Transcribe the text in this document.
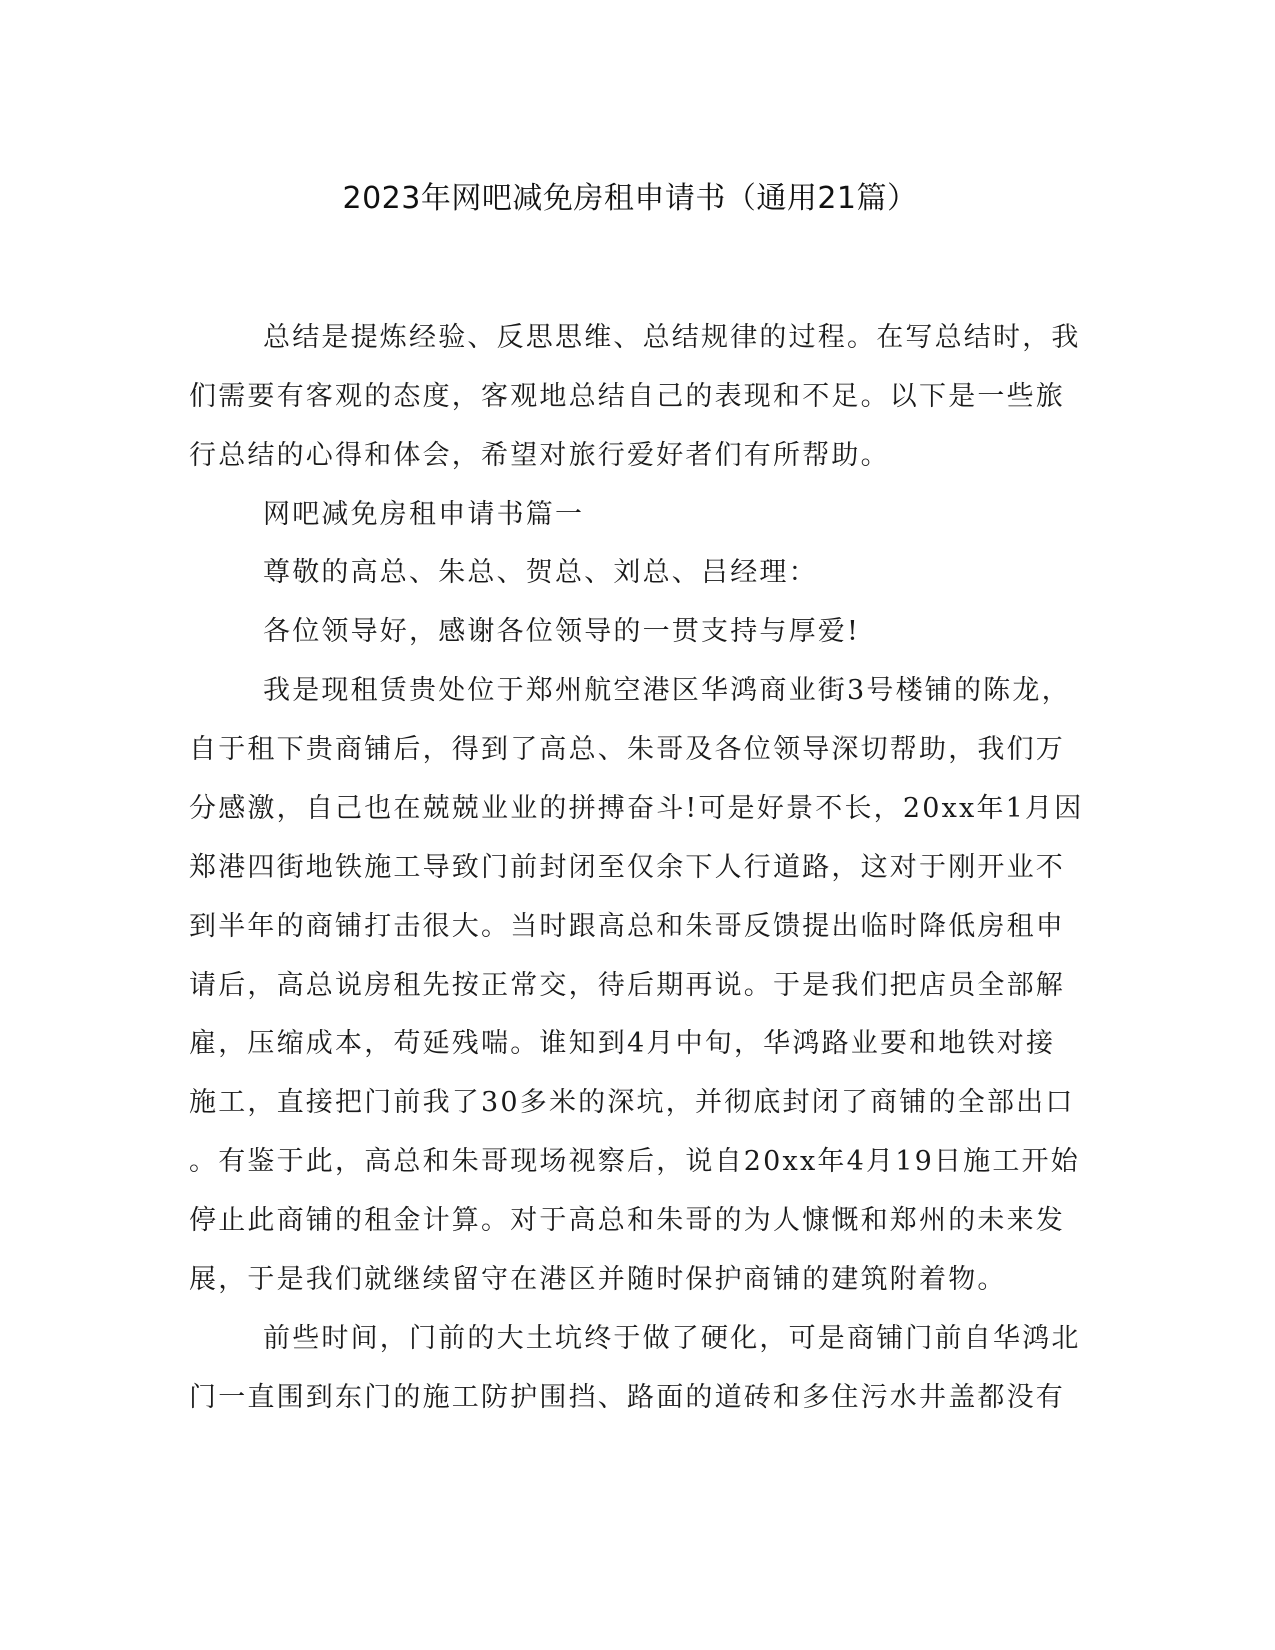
2023年网吧减免房租申请书（通用21篇）
总结是提炼经验、反思思维、总结规律的过程。在写总结时，我
们需要有客观的态度，客观地总结自己的表现和不足。以下是一些旅
行总结的心得和体会，希望对旅行爱好者们有所帮助。
网吧减免房租申请书篇一
尊敬的高总、朱总、贺总、刘总、吕经理：
各位领导好，感谢各位领导的一贯支持与厚爱!
我是现租赁贵处位于郑州航空港区华鸿商业街3号楼铺的陈龙，
自于租下贵商铺后，得到了高总、朱哥及各位领导深切帮助，我们万
分感激，自己也在兢兢业业的拼搏奋斗!可是好景不长，20xx年1月因
郑港四街地铁施工导致门前封闭至仅余下人行道路，这对于刚开业不
到半年的商铺打击很大。当时跟高总和朱哥反馈提出临时降低房租申
请后，高总说房租先按正常交，待后期再说。于是我们把店员全部解
雇，压缩成本，苟延残喘。谁知到4月中旬，华鸿路业要和地铁对接
施工，直接把门前我了30多米的深坑，并彻底封闭了商铺的全部出口
。有鉴于此，高总和朱哥现场视察后，说自20xx年4月19日施工开始
停止此商铺的租金计算。对于高总和朱哥的为人慷慨和郑州的未来发
展，于是我们就继续留守在港区并随时保护商铺的建筑附着物。
前些时间，门前的大土坑终于做了硬化，可是商铺门前自华鸿北
门一直围到东门的施工防护围挡、路面的道砖和多住污水井盖都没有
